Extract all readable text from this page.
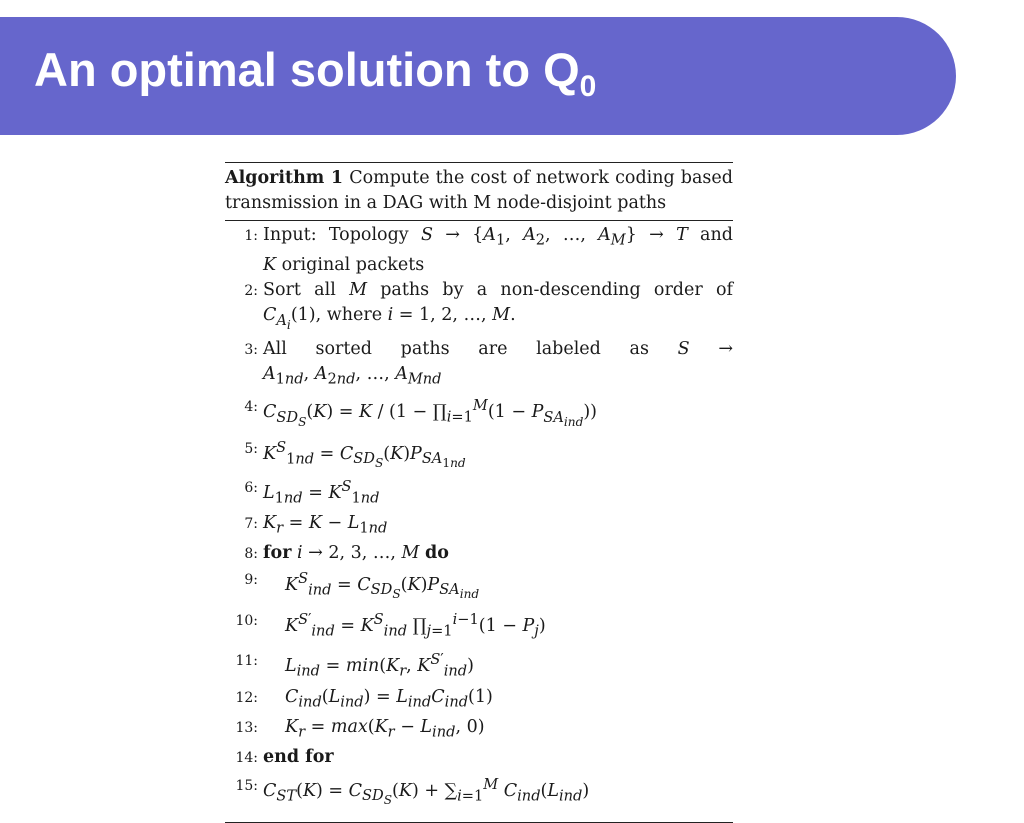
An optimal solution to $Q_0$
Algorithm 1 Compute the cost of network coding based transmission in a DAG with M node-disjoint paths
1: Input: Topology $S \to \{A_1$, $A_2$, …, $A_M\} \to T$ and
K original packets
2: Sort all M paths by a non-descending order of
$C_{A_i}(1)$, where i = 1, 2, …, M.
3: All sorted paths are labeled as S →
$A_{1nd}$, $A_{2nd}$, …, $A_{Mnd}$
4: $C_{SD_S}(K) = K / (1$ − $\prod_{i=1}^M(1 - P_{SA_{ind}})$)
5: $K^S_{1nd} = C_{SD_S}(K)P_{SA_{1nd}}$
6: $L_{1nd} = K^S_{1nd}$
7: $K_r = K - L_{1nd}$
8: for i → 2, 3, …, M do
9:	$K^S_{ind} = C_{SD_S}(K)P_{SA_{ind}}$
10:	$K^{S'}_{ind} = K^S_{ind}$ $\prod_{j=1}^{i-1}(1 - P_j)$
11:	$L_{ind} = \min(K_r$, $K^{S'}_{ind}$)
12:	$C_{ind}(L_{ind}) = L_{ind}C_{ind}(1)$
13:	$K_r = \max(K_r - L_{ind}$, 0)
14: end for
15: $C_{ST}(K) = C_{SD_S}(K) + \sum_{i=1}^M$ $C_{ind}(L_{ind})$
